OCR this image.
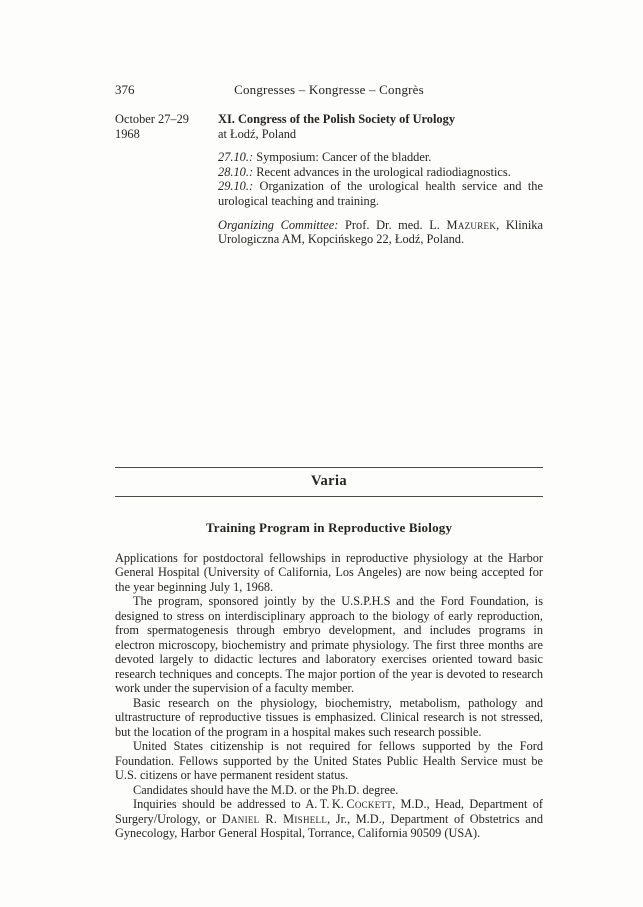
376	Congresses – Kongresse – Congrès
October 27–29
1968

XI. Congress of the Polish Society of Urology

at Łodź, Poland

27.10.: Symposium: Cancer of the bladder.

28.10.: Recent advances in the urological radiodiagnostics.

29.10.: Organization of the urological health service and the urological teaching and training.

Organizing Committee: Prof. Dr. med. L. Mazurek, Klinika Urologiczna AM, Kopcińskego 22, Łodź, Poland.

Varia
Training Program in Reproductive Biology

Applications for postdoctoral fellowships in reproductive physiology at the Harbor General Hospital (University of California, Los Angeles) are now being accepted for the year beginning July 1, 1968.

The program, sponsored jointly by the U.S.P.H.S and the Ford Foundation, is designed to stress on interdisciplinary approach to the biology of early reproduction, from spermatogenesis through embryo development, and includes programs in electron microscopy, biochemistry and primate physiology. The first three months are devoted largely to didactic lectures and laboratory exercises oriented toward basic research techniques and concepts. The major portion of the year is devoted to research work under the supervision of a faculty member.

Basic research on the physiology, biochemistry, metabolism, pathology and ultrastructure of reproductive tissues is emphasized. Clinical research is not stressed, but the location of the program in a hospital makes such research possible.

United States citizenship is not required for fellows supported by the Ford Foundation. Fellows supported by the United States Public Health Service must be U.S. citizens or have permanent resident status.

Candidates should have the M.D. or the Ph.D. degree.

Inquiries should be addressed to A. T. K. Cockett, M.D., Head, Department of Surgery/Urology, or Daniel R. Mishell, Jr., M.D., Department of Obstetrics and Gynecology, Harbor General Hospital, Torrance, California 90509 (USA).
